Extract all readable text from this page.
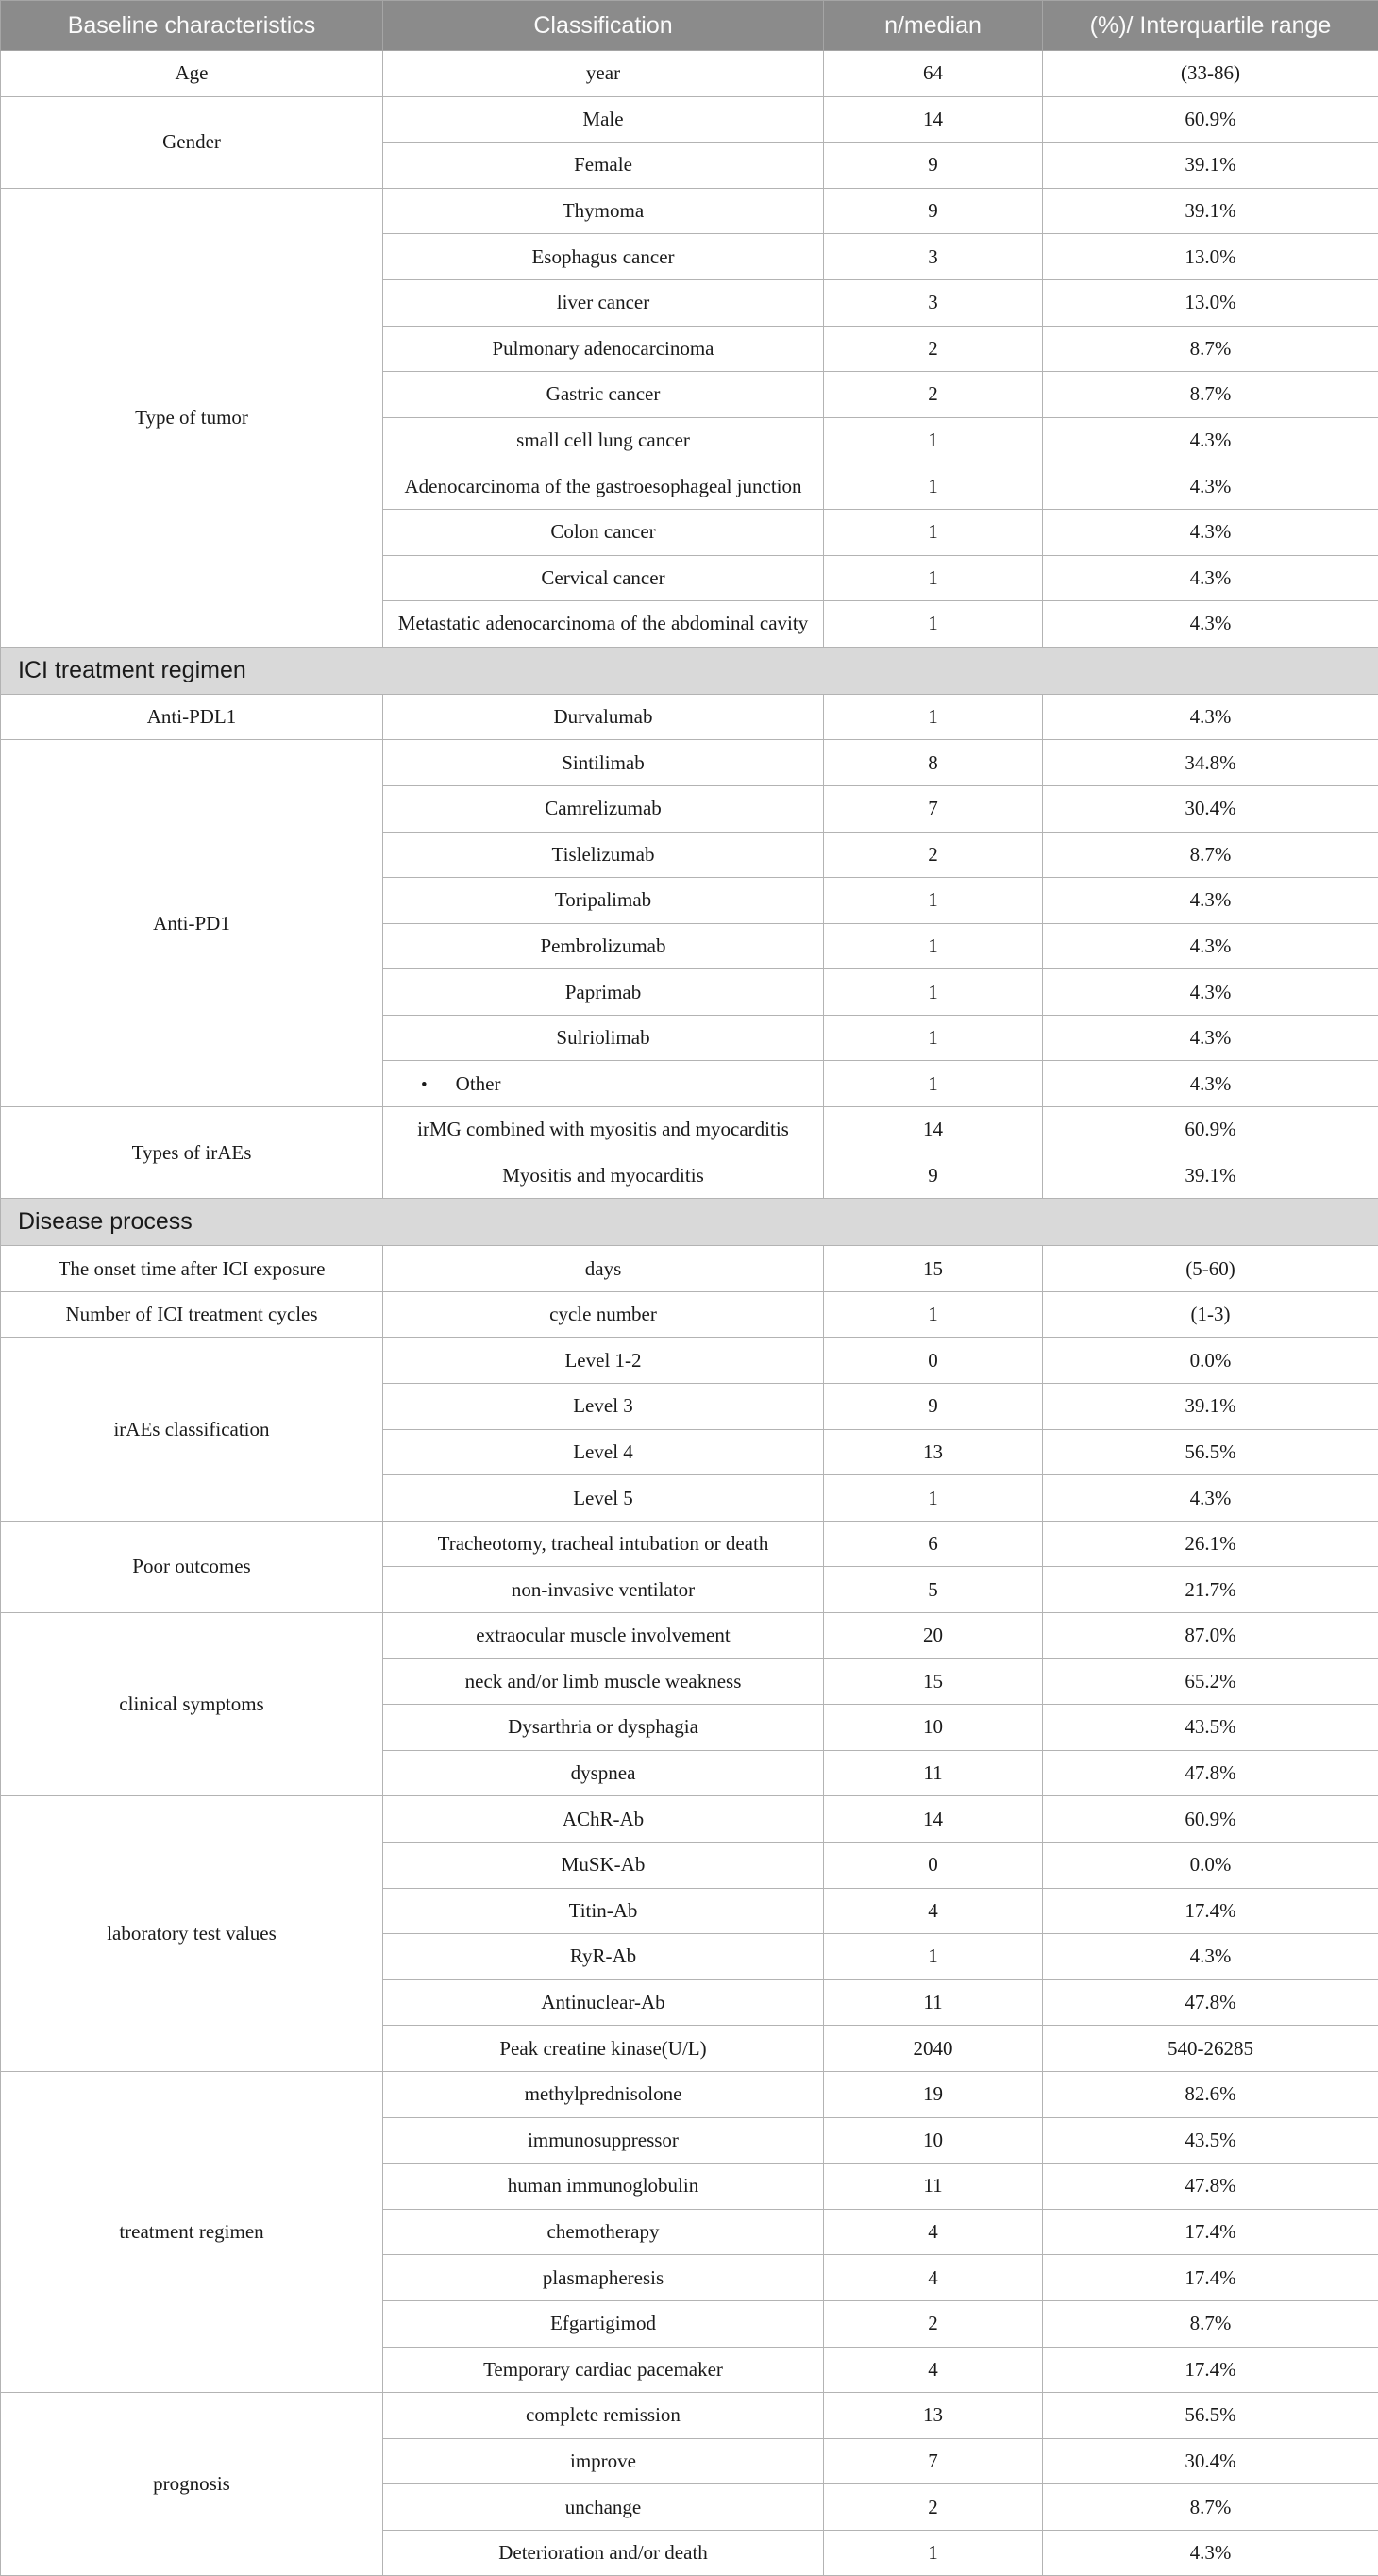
Baseline characteristics	Classification	n/median	(%)/ Interquartile range
Age	year	64	(33-86)
Gender	Male	14	60.9%
	Female	9	39.1%
Type of tumor	Thymoma	9	39.1%
	Esophagus cancer	3	13.0%
	liver cancer	3	13.0%
	Pulmonary adenocarcinoma	2	8.7%
	Gastric cancer	2	8.7%
	small cell lung cancer	1	4.3%
	Adenocarcinoma of the gastroesophageal junction	1	4.3%
	Colon cancer	1	4.3%
	Cervical cancer	1	4.3%
	Metastatic adenocarcinoma of the abdominal cavity	1	4.3%
ICI treatment regimen			
Anti-PDL1	Durvalumab	1	4.3%
Anti-PD1	Sintilimab	8	34.8%
	Camrelizumab	7	30.4%
	Tislelizumab	2	8.7%
	Toripalimab	1	4.3%
	Pembrolizumab	1	4.3%
	Paprimab	1	4.3%
	Sulriolimab	1	4.3%
	• Other	1	4.3%
Types of irAEs	irMG combined with myositis and myocarditis	14	60.9%
	Myositis and myocarditis	9	39.1%
Disease process			
The onset time after ICI exposure	days	15	(5-60)
Number of ICI treatment cycles	cycle number	1	(1-3)
irAEs classification	Level 1-2	0	0.0%
	Level 3	9	39.1%
	Level 4	13	56.5%
	Level 5	1	4.3%
Poor outcomes	Tracheotomy, tracheal intubation or death	6	26.1%
	non-invasive ventilator	5	21.7%
clinical symptoms	extraocular muscle involvement	20	87.0%
	neck and/or limb muscle weakness	15	65.2%
	Dysarthria or dysphagia	10	43.5%
	dyspnea	11	47.8%
laboratory test values	AChR-Ab	14	60.9%
	MuSK-Ab	0	0.0%
	Titin-Ab	4	17.4%
	RyR-Ab	1	4.3%
	Antinuclear-Ab	11	47.8%
	Peak creatine kinase(U/L)	2040	540-26285
treatment regimen	methylprednisolone	19	82.6%
	immunosuppressor	10	43.5%
	human immunoglobulin	11	47.8%
	chemotherapy	4	17.4%
	plasmapheresis	4	17.4%
	Efgartigimod	2	8.7%
	Temporary cardiac pacemaker	4	17.4%
prognosis	complete remission	13	56.5%
	improve	7	30.4%
	unchange	2	8.7%
	Deterioration and/or death	1	4.3%
